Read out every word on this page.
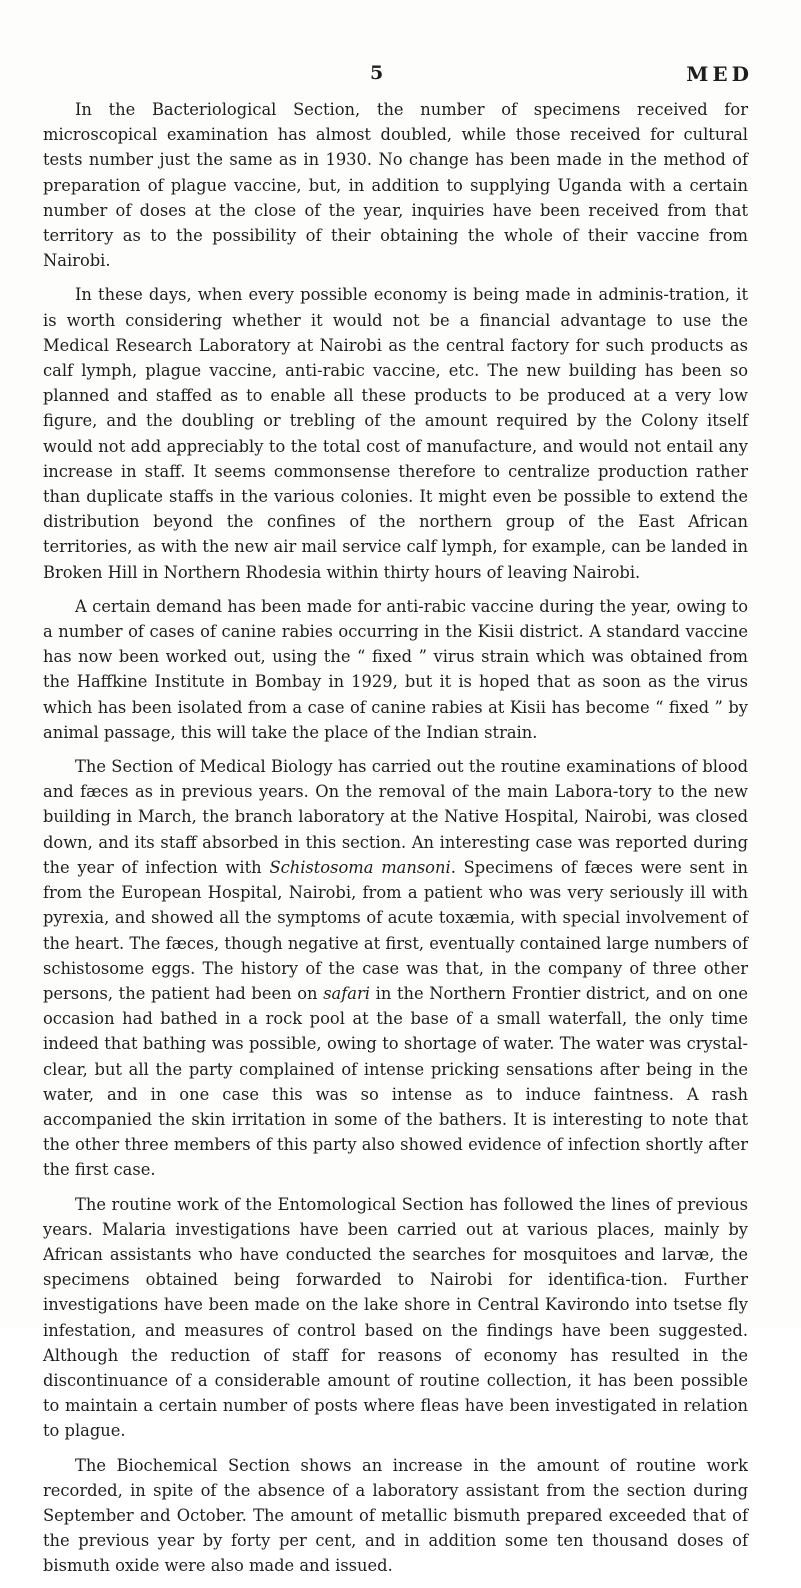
5	MED

In the Bacteriological Section, the number of specimens received for microscopical examination has almost doubled, while those received for cultural tests number just the same as in 1930. No change has been made in the method of preparation of plague vaccine, but, in addition to supplying Uganda with a certain number of doses at the close of the year, inquiries have been received from that territory as to the possibility of their obtaining the whole of their vaccine from Nairobi.

In these days, when every possible economy is being made in adminis-tration, it is worth considering whether it would not be a financial advantage to use the Medical Research Laboratory at Nairobi as the central factory for such products as calf lymph, plague vaccine, anti-rabic vaccine, etc. The new building has been so planned and staffed as to enable all these products to be produced at a very low figure, and the doubling or trebling of the amount required by the Colony itself would not add appreciably to the total cost of manufacture, and would not entail any increase in staff. It seems commonsense therefore to centralize production rather than duplicate staffs in the various colonies. It might even be possible to extend the distribution beyond the confines of the northern group of the East African territories, as with the new air mail service calf lymph, for example, can be landed in Broken Hill in Northern Rhodesia within thirty hours of leaving Nairobi.

A certain demand has been made for anti-rabic vaccine during the year, owing to a number of cases of canine rabies occurring in the Kisii district. A standard vaccine has now been worked out, using the “ fixed ” virus strain which was obtained from the Haffkine Institute in Bombay in 1929, but it is hoped that as soon as the virus which has been isolated from a case of canine rabies at Kisii has become “ fixed ” by animal passage, this will take the place of the Indian strain.

The Section of Medical Biology has carried out the routine examinations of blood and fæces as in previous years. On the removal of the main Labora-tory to the new building in March, the branch laboratory at the Native Hospital, Nairobi, was closed down, and its staff absorbed in this section. An interesting case was reported during the year of infection with Schistosoma mansoni. Specimens of fæces were sent in from the European Hospital, Nairobi, from a patient who was very seriously ill with pyrexia, and showed all the symptoms of acute toxæmia, with special involvement of the heart. The fæces, though negative at first, eventually contained large numbers of schistosome eggs. The history of the case was that, in the company of three other persons, the patient had been on safari in the Northern Frontier district, and on one occasion had bathed in a rock pool at the base of a small waterfall, the only time indeed that bathing was possible, owing to shortage of water. The water was crystal-clear, but all the party complained of intense pricking sensations after being in the water, and in one case this was so intense as to induce faintness. A rash accompanied the skin irritation in some of the bathers. It is interesting to note that the other three members of this party also showed evidence of infection shortly after the first case.

The routine work of the Entomological Section has followed the lines of previous years. Malaria investigations have been carried out at various places, mainly by African assistants who have conducted the searches for mosquitoes and larvæ, the specimens obtained being forwarded to Nairobi for identifica-tion. Further investigations have been made on the lake shore in Central Kavirondo into tsetse fly infestation, and measures of control based on the findings have been suggested. Although the reduction of staff for reasons of economy has resulted in the discontinuance of a considerable amount of routine collection, it has been possible to maintain a certain number of posts where fleas have been investigated in relation to plague.

The Biochemical Section shows an increase in the amount of routine work recorded, in spite of the absence of a laboratory assistant from the section during September and October. The amount of metallic bismuth prepared exceeded that of the previous year by forty per cent, and in addition some ten thousand doses of bismuth oxide were also made and issued.
